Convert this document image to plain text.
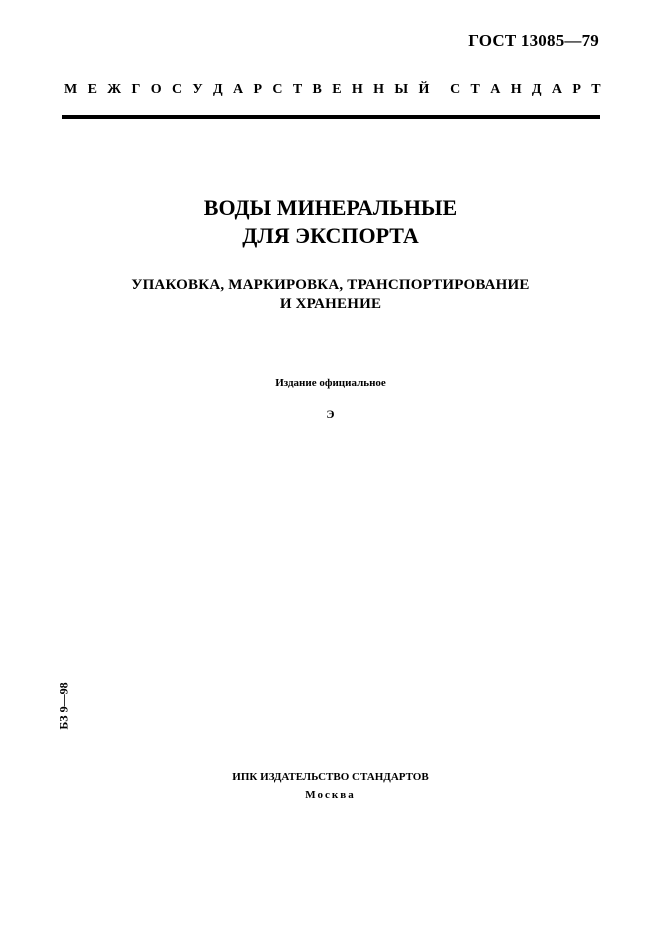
ГОСТ 13085—79
М Е Ж Г О С У Д А Р С Т В Е Н Н Ы Й С Т А Н Д А Р Т
ВОДЫ МИНЕРАЛЬНЫЕ
ДЛЯ ЭКСПОРТА
УПАКОВКА, МАРКИРОВКА, ТРАНСПОРТИРОВАНИЕ
И ХРАНЕНИЕ
Издание официальное
Э
БЗ 9—98
ИПК ИЗДАТЕЛЬСТВО СТАНДАРТОВ
Москва
